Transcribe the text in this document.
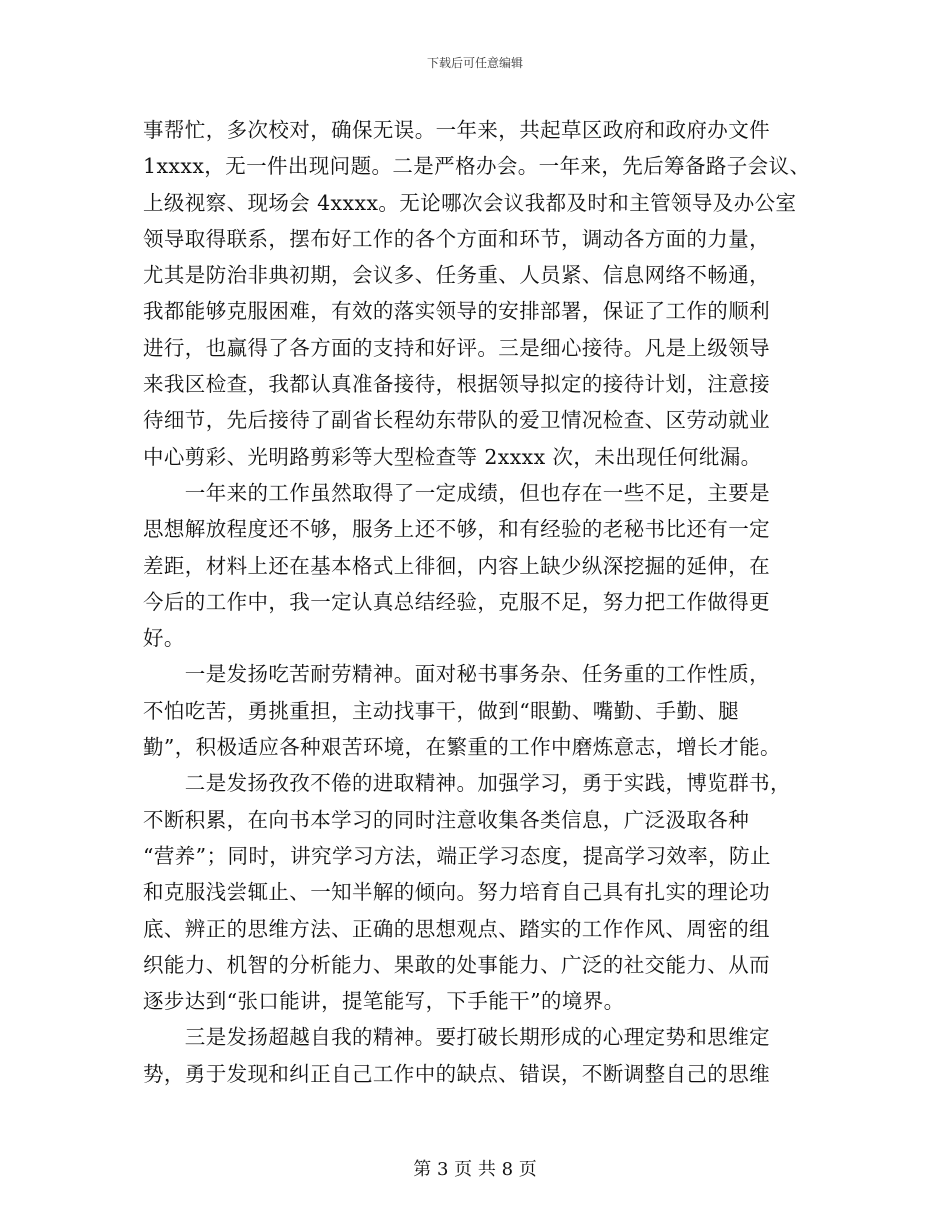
下载后可任意编辑
事帮忙，多次校对，确保无误。一年来，共起草区政府和政府办文件
1xxxx，无一件出现问题。二是严格办会。一年来，先后筹备路子会议、
上级视察、现场会 4xxxx。无论哪次会议我都及时和主管领导及办公室
领导取得联系，摆布好工作的各个方面和环节，调动各方面的力量，
尤其是防治非典初期，会议多、任务重、人员紧、信息网络不畅通，
我都能够克服困难，有效的落实领导的安排部署，保证了工作的顺利
进行，也赢得了各方面的支持和好评。三是细心接待。凡是上级领导
来我区检查，我都认真准备接待，根据领导拟定的接待计划，注意接
待细节，先后接待了副省长程幼东带队的爱卫情况检查、区劳动就业
中心剪彩、光明路剪彩等大型检查等 2xxxx 次，未出现任何纰漏。
　　一年来的工作虽然取得了一定成绩，但也存在一些不足，主要是
思想解放程度还不够，服务上还不够，和有经验的老秘书比还有一定
差距，材料上还在基本格式上徘徊，内容上缺少纵深挖掘的延伸，在
今后的工作中，我一定认真总结经验，克服不足，努力把工作做得更
好。
　　一是发扬吃苦耐劳精神。面对秘书事务杂、任务重的工作性质，
不怕吃苦，勇挑重担，主动找事干，做到“眼勤、嘴勤、手勤、腿
勤”，积极适应各种艰苦环境，在繁重的工作中磨炼意志，增长才能。
　　二是发扬孜孜不倦的进取精神。加强学习，勇于实践，博览群书，
不断积累，在向书本学习的同时注意收集各类信息，广泛汲取各种
“营养”；同时，讲究学习方法，端正学习态度，提高学习效率，防止
和克服浅尝辄止、一知半解的倾向。努力培育自己具有扎实的理论功
底、辨正的思维方法、正确的思想观点、踏实的工作作风、周密的组
织能力、机智的分析能力、果敢的处事能力、广泛的社交能力、从而
逐步达到“张口能讲，提笔能写，下手能干”的境界。
　　三是发扬超越自我的精神。要打破长期形成的心理定势和思维定
势，勇于发现和纠正自己工作中的缺点、错误，不断调整自己的思维
第 3 页 共 8 页
